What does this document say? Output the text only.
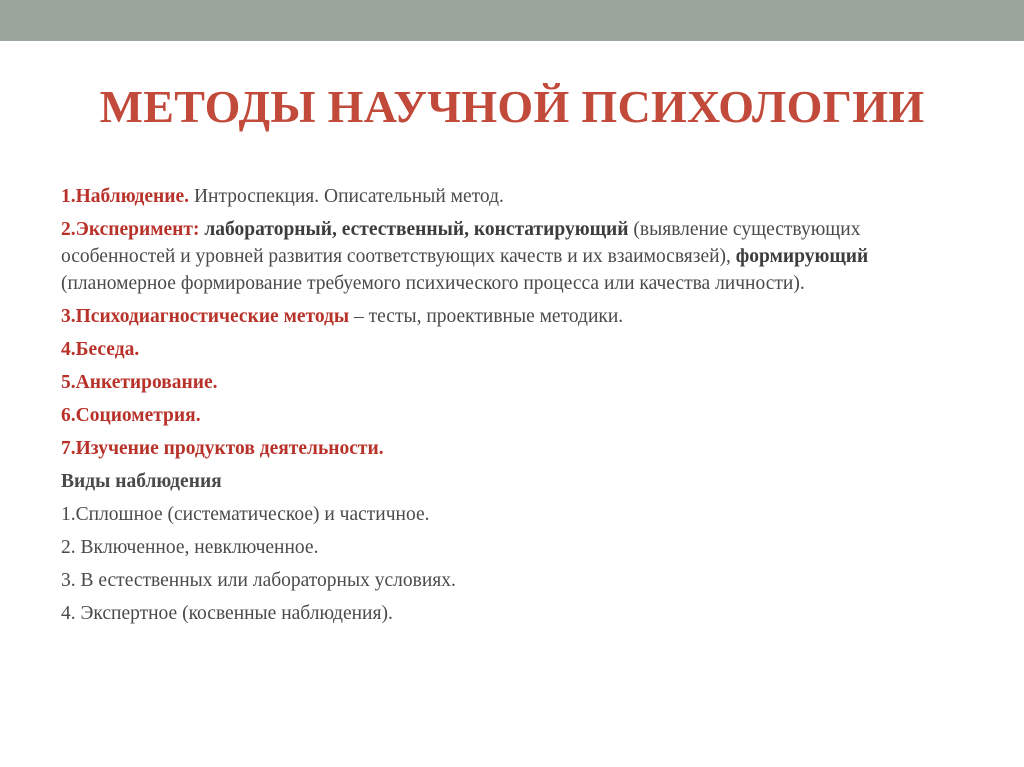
МЕТОДЫ НАУЧНОЙ ПСИХОЛОГИИ

1.Наблюдение. Интроспекция. Описательный метод.

2.Эксперимент: лабораторный, естественный, констатирующий (выявление существующих особенностей и уровней развития соответствующих качеств и их взаимосвязей), формирующий (планомерное формирование требуемого психического процесса или качества личности).

3.Психодиагностические методы – тесты, проективные методики.

4.Беседа.

5.Анкетирование.

6.Социометрия.

7.Изучение продуктов деятельности.

Виды наблюдения

1.Сплошное (систематическое) и частичное.

2. Включенное, невключенное.

3. В естественных или лабораторных условиях.

4. Экспертное (косвенные наблюдения).
